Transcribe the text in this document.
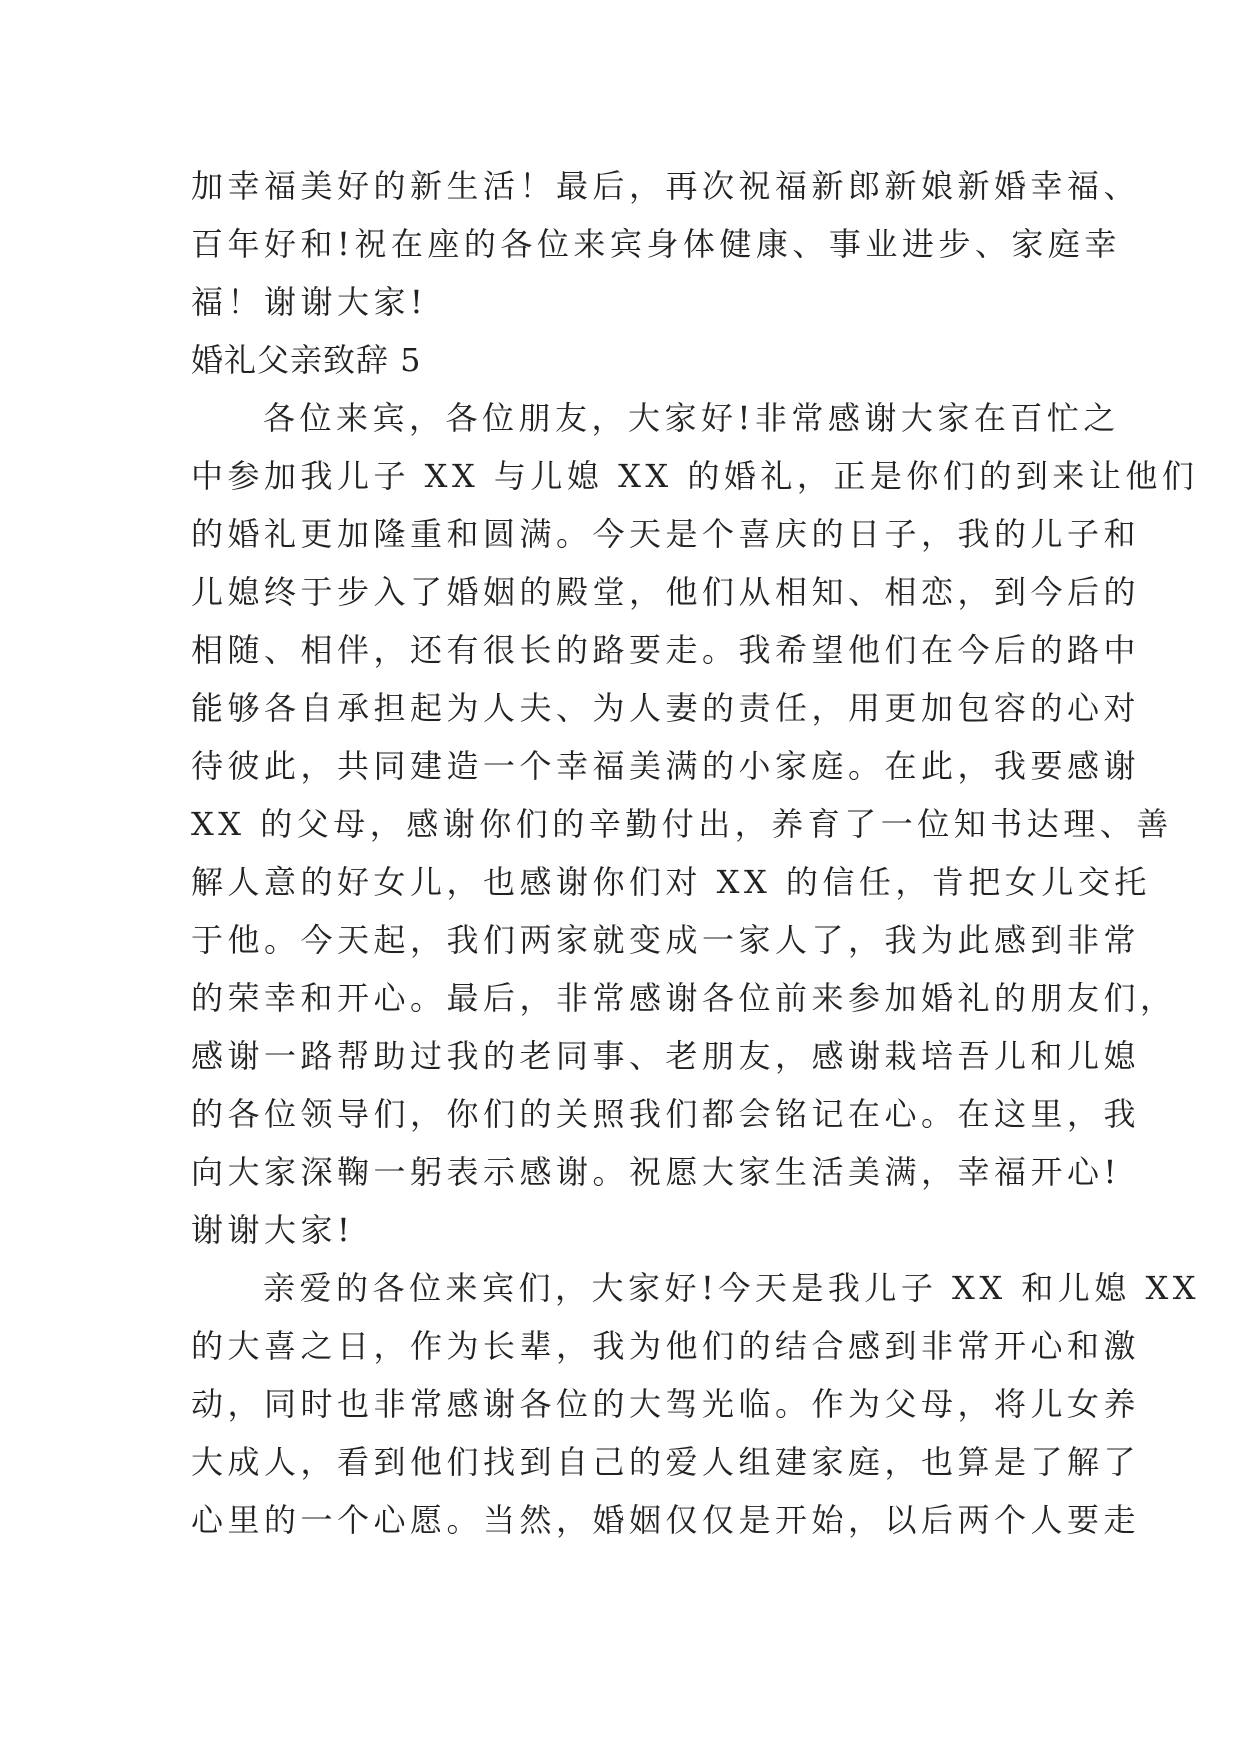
加幸福美好的新生活！最后，再次祝福新郎新娘新婚幸福、
百年好和!祝在座的各位来宾身体健康、事业进步、家庭幸
福！谢谢大家!
婚礼父亲致辞 5
各位来宾，各位朋友，大家好!非常感谢大家在百忙之
中参加我儿子 XX 与儿媳 XX 的婚礼，正是你们的到来让他们
的婚礼更加隆重和圆满。今天是个喜庆的日子，我的儿子和
儿媳终于步入了婚姻的殿堂，他们从相知、相恋，到今后的
相随、相伴，还有很长的路要走。我希望他们在今后的路中
能够各自承担起为人夫、为人妻的责任，用更加包容的心对
待彼此，共同建造一个幸福美满的小家庭。在此，我要感谢
XX 的父母，感谢你们的辛勤付出，养育了一位知书达理、善
解人意的好女儿，也感谢你们对 XX 的信任，肯把女儿交托
于他。今天起，我们两家就变成一家人了，我为此感到非常
的荣幸和开心。最后，非常感谢各位前来参加婚礼的朋友们，
感谢一路帮助过我的老同事、老朋友，感谢栽培吾儿和儿媳
的各位领导们，你们的关照我们都会铭记在心。在这里，我
向大家深鞠一躬表示感谢。祝愿大家生活美满，幸福开心!
谢谢大家!
亲爱的各位来宾们，大家好!今天是我儿子 XX 和儿媳 XX
的大喜之日，作为长辈，我为他们的结合感到非常开心和激
动，同时也非常感谢各位的大驾光临。作为父母，将儿女养
大成人，看到他们找到自己的爱人组建家庭，也算是了解了
心里的一个心愿。当然，婚姻仅仅是开始，以后两个人要走
